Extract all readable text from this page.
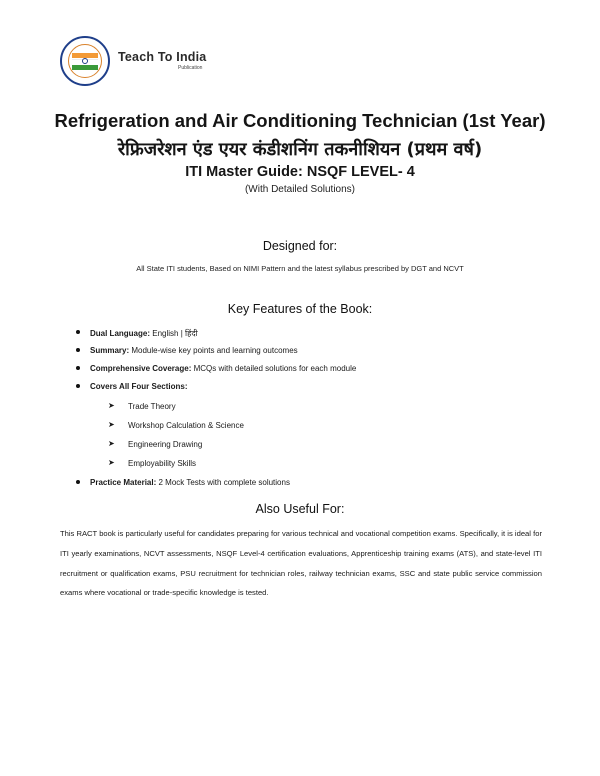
Teach To India
Publication
Refrigeration and Air Conditioning Technician (1st Year)
रेफ्रिजरेशन एंड एयर कंडीशनिंग तकनीशियन (प्रथम वर्ष)
ITI Master Guide: NSQF LEVEL- 4
(With Detailed Solutions)
Designed for:
All State ITI students, Based on NIMI Pattern and the latest syllabus prescribed by DGT and NCVT
Key Features of the Book:
Dual Language: English | हिंदी
Summary: Module-wise key points and learning outcomes
Comprehensive Coverage: MCQs with detailed solutions for each module
Covers All Four Sections:
➤ Trade Theory
➤ Workshop Calculation & Science
➤ Engineering Drawing
➤ Employability Skills
Practice Material: 2 Mock Tests with complete solutions
Also Useful For:

This RACT book is particularly useful for candidates preparing for various technical and vocational competition exams. Specifically, it is ideal for ITI yearly examinations, NCVT assessments, NSQF Level-4 certification evaluations, Apprenticeship training exams (ATS), and state-level ITI recruitment or qualification exams, PSU recruitment for technician roles, railway technician exams, SSC and state public service commission exams where vocational or trade-specific knowledge is tested.
